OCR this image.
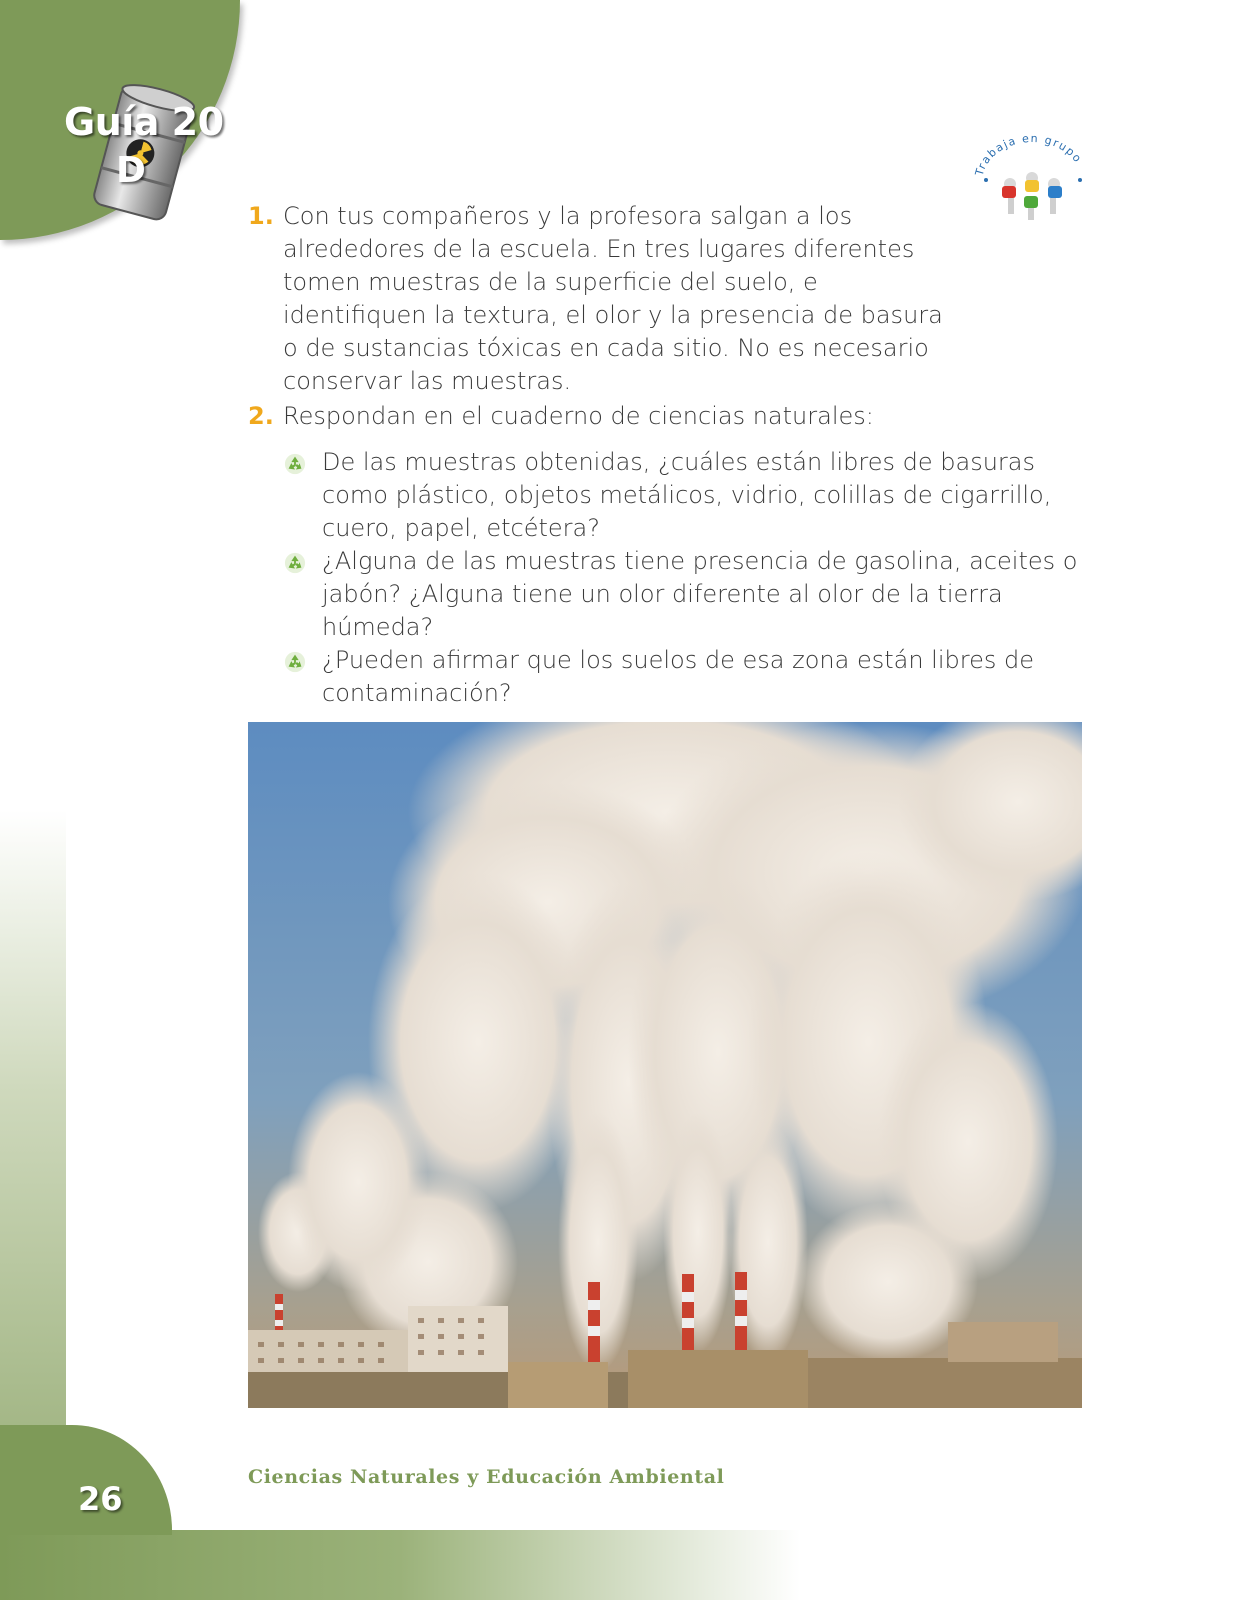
Guía 20
D	Trabaja en grupo
1. Con tus compañeros y la profesora salgan a los alrededores de la escuela. En tres lugares diferentes tomen muestras de la superficie del suelo, e identifiquen la textura, el olor y la presencia de basura o de sustancias tóxicas en cada sitio. No es necesario conservar las muestras.
2. Respondan en el cuaderno de ciencias naturales:

De las muestras obtenidas, ¿cuáles están libres de basuras como plástico, objetos metálicos, vidrio, colillas de cigarrillo, cuero, papel, etcétera?

¿Alguna de las muestras tiene presencia de gasolina, aceites o jabón? ¿Alguna tiene un olor diferente al olor de la tierra húmeda?

¿Pueden afirmar que los suelos de esa zona están libres de contaminación?

26
Ciencias Naturales y Educación Ambiental
